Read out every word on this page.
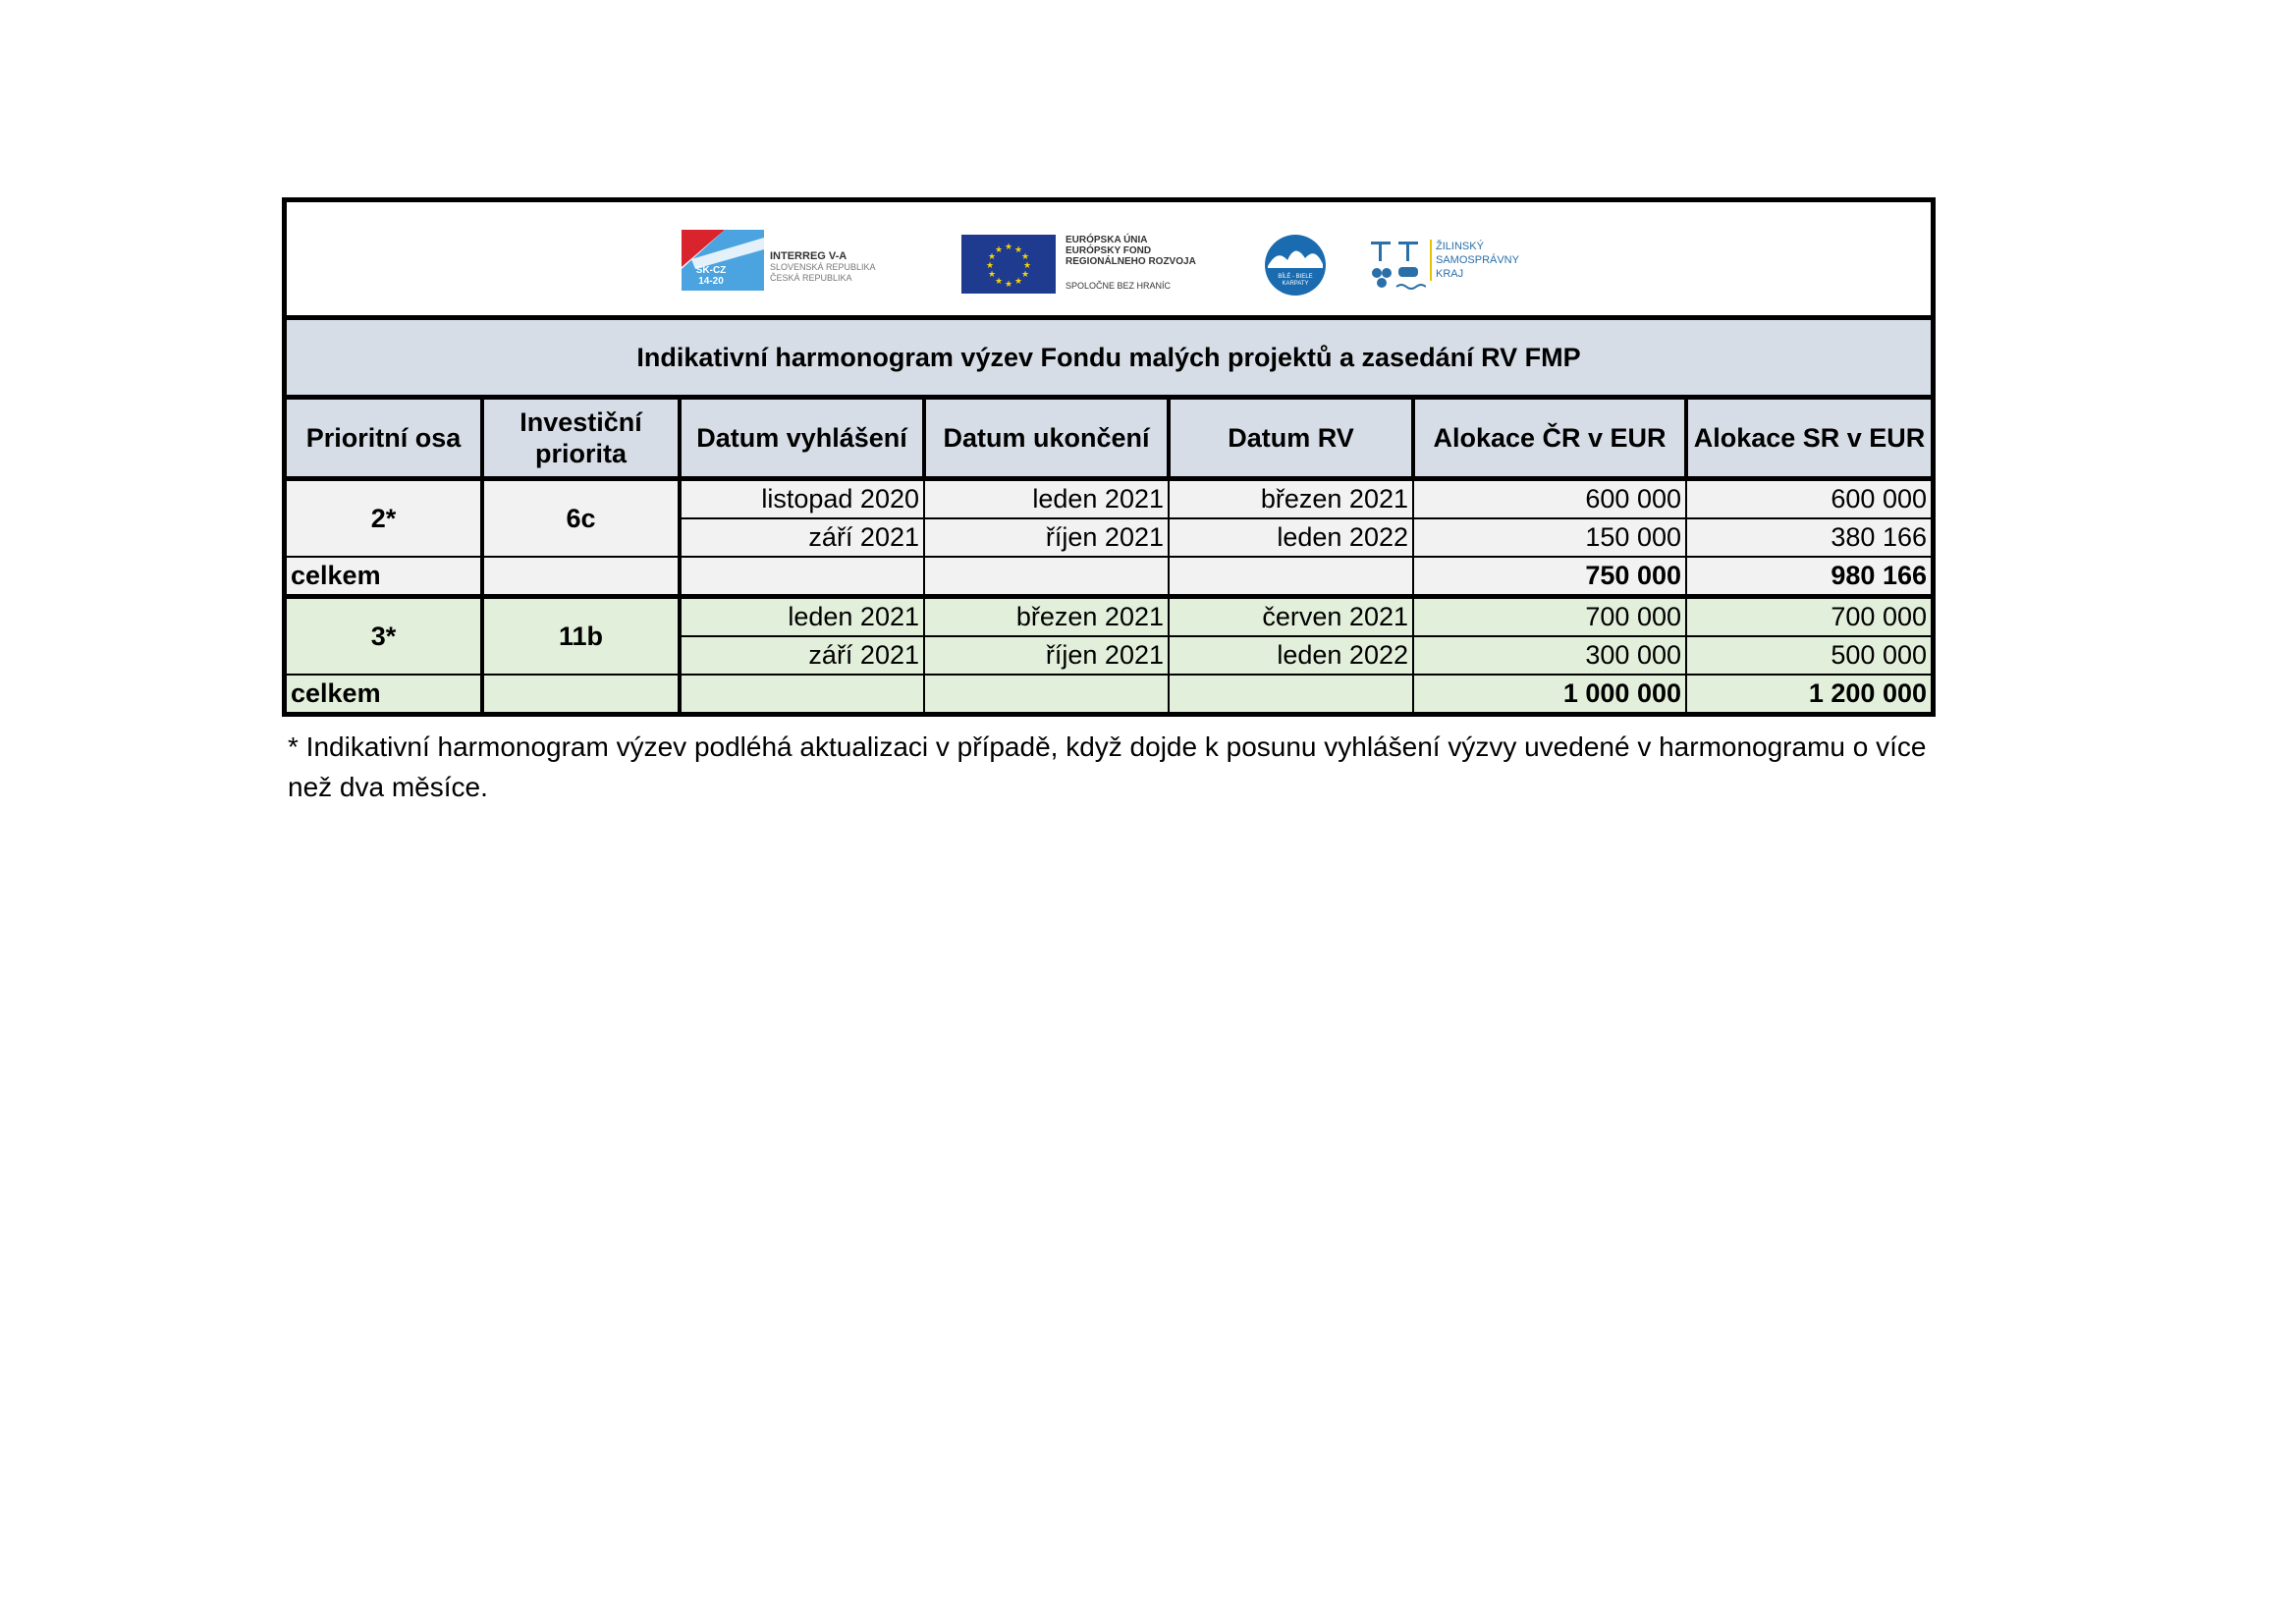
SK-CZ
14-20
INTERREG V-A
SLOVENSKÁ REPUBLIKA
ČESKÁ REPUBLIKA
★ ★
★
★
★
★
★
★
★
★
★
★
EURÓPSKA ÚNIA
EURÓPSKY FOND
REGIONÁLNEHO ROZVOJA
SPOLOČNE BEZ HRANÍC
BÍLÉ - BIELE KARPATY
ŽILINSKÝ
SAMOSPRÁVNY
KRAJ
Indikativní harmonogram výzev Fondu malých projektů a zasedání RV FMP
Prioritní osa	Investiční priorita	Datum vyhlášení	Datum ukončení	Datum RV	Alokace ČR v EUR	Alokace SR v EUR
2*	6c	listopad 2020	leden 2021	březen 2021	600 000	600 000
		září 2021	říjen 2021	leden 2022	150 000	380 166
celkem					750 000	980 166
3*	11b	leden 2021	březen 2021	červen 2021	700 000	700 000
		září 2021	říjen 2021	leden 2022	300 000	500 000
celkem					1 000 000	1 200 000
* Indikativní harmonogram výzev podléhá aktualizaci v případě, když dojde k posunu vyhlášení výzvy uvedené v harmonogramu o více než dva měsíce.
